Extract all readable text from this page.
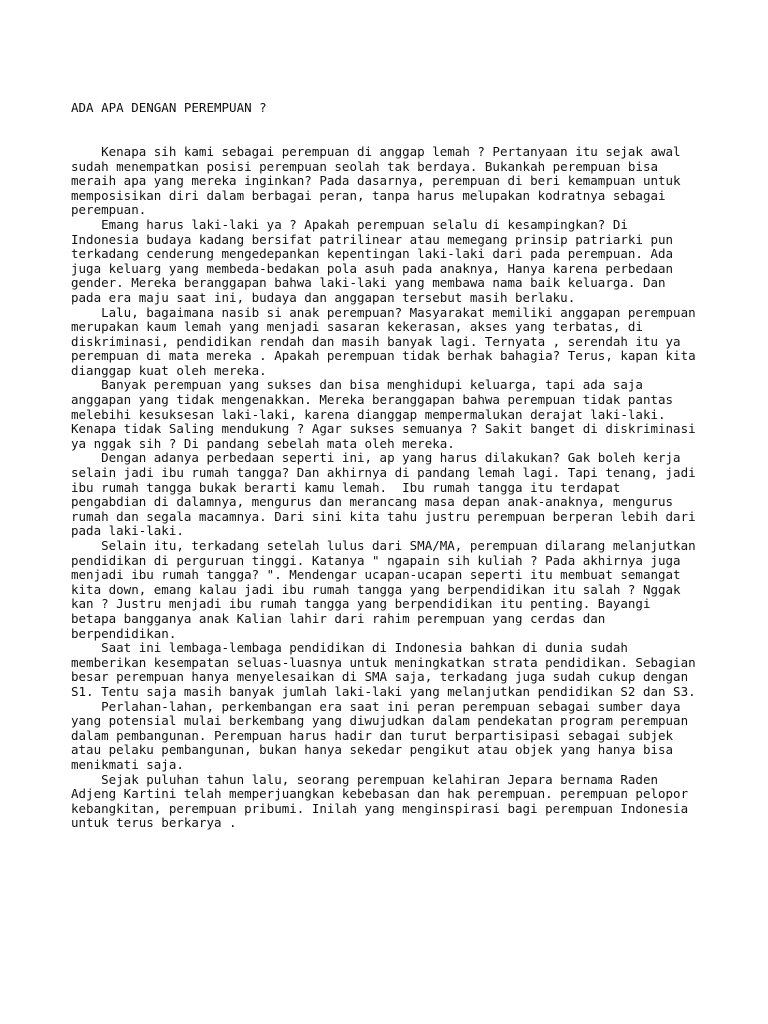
ADA APA DENGAN PEREMPUAN ?

Kenapa sih kami sebagai perempuan di anggap lemah ? Pertanyaan itu sejak awal
sudah menempatkan posisi perempuan seolah tak berdaya. Bukankah perempuan bisa
meraih apa yang mereka inginkan? Pada dasarnya, perempuan di beri kemampuan untuk
memposisikan diri dalam berbagai peran, tanpa harus melupakan kodratnya sebagai
perempuan.
Emang harus laki-laki ya ? Apakah perempuan selalu di kesampingkan? Di
Indonesia budaya kadang bersifat patrilinear atau memegang prinsip patriarki pun
terkadang cenderung mengedepankan kepentingan laki-laki dari pada perempuan. Ada
juga keluarg yang membeda-bedakan pola asuh pada anaknya, Hanya karena perbedaan
gender. Mereka beranggapan bahwa laki-laki yang membawa nama baik keluarga. Dan
pada era maju saat ini, budaya dan anggapan tersebut masih berlaku.
Lalu, bagaimana nasib si anak perempuan? Masyarakat memiliki anggapan perempuan
merupakan kaum lemah yang menjadi sasaran kekerasan, akses yang terbatas, di
diskriminasi, pendidikan rendah dan masih banyak lagi. Ternyata , serendah itu ya
perempuan di mata mereka . Apakah perempuan tidak berhak bahagia? Terus, kapan kita
dianggap kuat oleh mereka.
Banyak perempuan yang sukses dan bisa menghidupi keluarga, tapi ada saja
anggapan yang tidak mengenakkan. Mereka beranggapan bahwa perempuan tidak pantas
melebihi kesuksesan laki-laki, karena dianggap mempermalukan derajat laki-laki.
Kenapa tidak Saling mendukung ? Agar sukses semuanya ? Sakit banget di diskriminasi
ya nggak sih ? Di pandang sebelah mata oleh mereka.
Dengan adanya perbedaan seperti ini, ap yang harus dilakukan? Gak boleh kerja
selain jadi ibu rumah tangga? Dan akhirnya di pandang lemah lagi. Tapi tenang, jadi
ibu rumah tangga bukak berarti kamu lemah.  Ibu rumah tangga itu terdapat
pengabdian di dalamnya, mengurus dan merancang masa depan anak-anaknya, mengurus
rumah dan segala macamnya. Dari sini kita tahu justru perempuan berperan lebih dari
pada laki-laki.
Selain itu, terkadang setelah lulus dari SMA/MA, perempuan dilarang melanjutkan
pendidikan di perguruan tinggi. Katanya " ngapain sih kuliah ? Pada akhirnya juga
menjadi ibu rumah tangga? ". Mendengar ucapan-ucapan seperti itu membuat semangat
kita down, emang kalau jadi ibu rumah tangga yang berpendidikan itu salah ? Nggak
kan ? Justru menjadi ibu rumah tangga yang berpendidikan itu penting. Bayangi
betapa bangganya anak Kalian lahir dari rahim perempuan yang cerdas dan
berpendidikan.
Saat ini lembaga-lembaga pendidikan di Indonesia bahkan di dunia sudah
memberikan kesempatan seluas-luasnya untuk meningkatkan strata pendidikan. Sebagian
besar perempuan hanya menyelesaikan di SMA saja, terkadang juga sudah cukup dengan
S1. Tentu saja masih banyak jumlah laki-laki yang melanjutkan pendidikan S2 dan S3.
Perlahan-lahan, perkembangan era saat ini peran perempuan sebagai sumber daya
yang potensial mulai berkembang yang diwujudkan dalam pendekatan program perempuan
dalam pembangunan. Perempuan harus hadir dan turut berpartisipasi sebagai subjek
atau pelaku pembangunan, bukan hanya sekedar pengikut atau objek yang hanya bisa
menikmati saja.
Sejak puluhan tahun lalu, seorang perempuan kelahiran Jepara bernama Raden
Adjeng Kartini telah memperjuangkan kebebasan dan hak perempuan. perempuan pelopor
kebangkitan, perempuan pribumi. Inilah yang menginspirasi bagi perempuan Indonesia
untuk terus berkarya .
